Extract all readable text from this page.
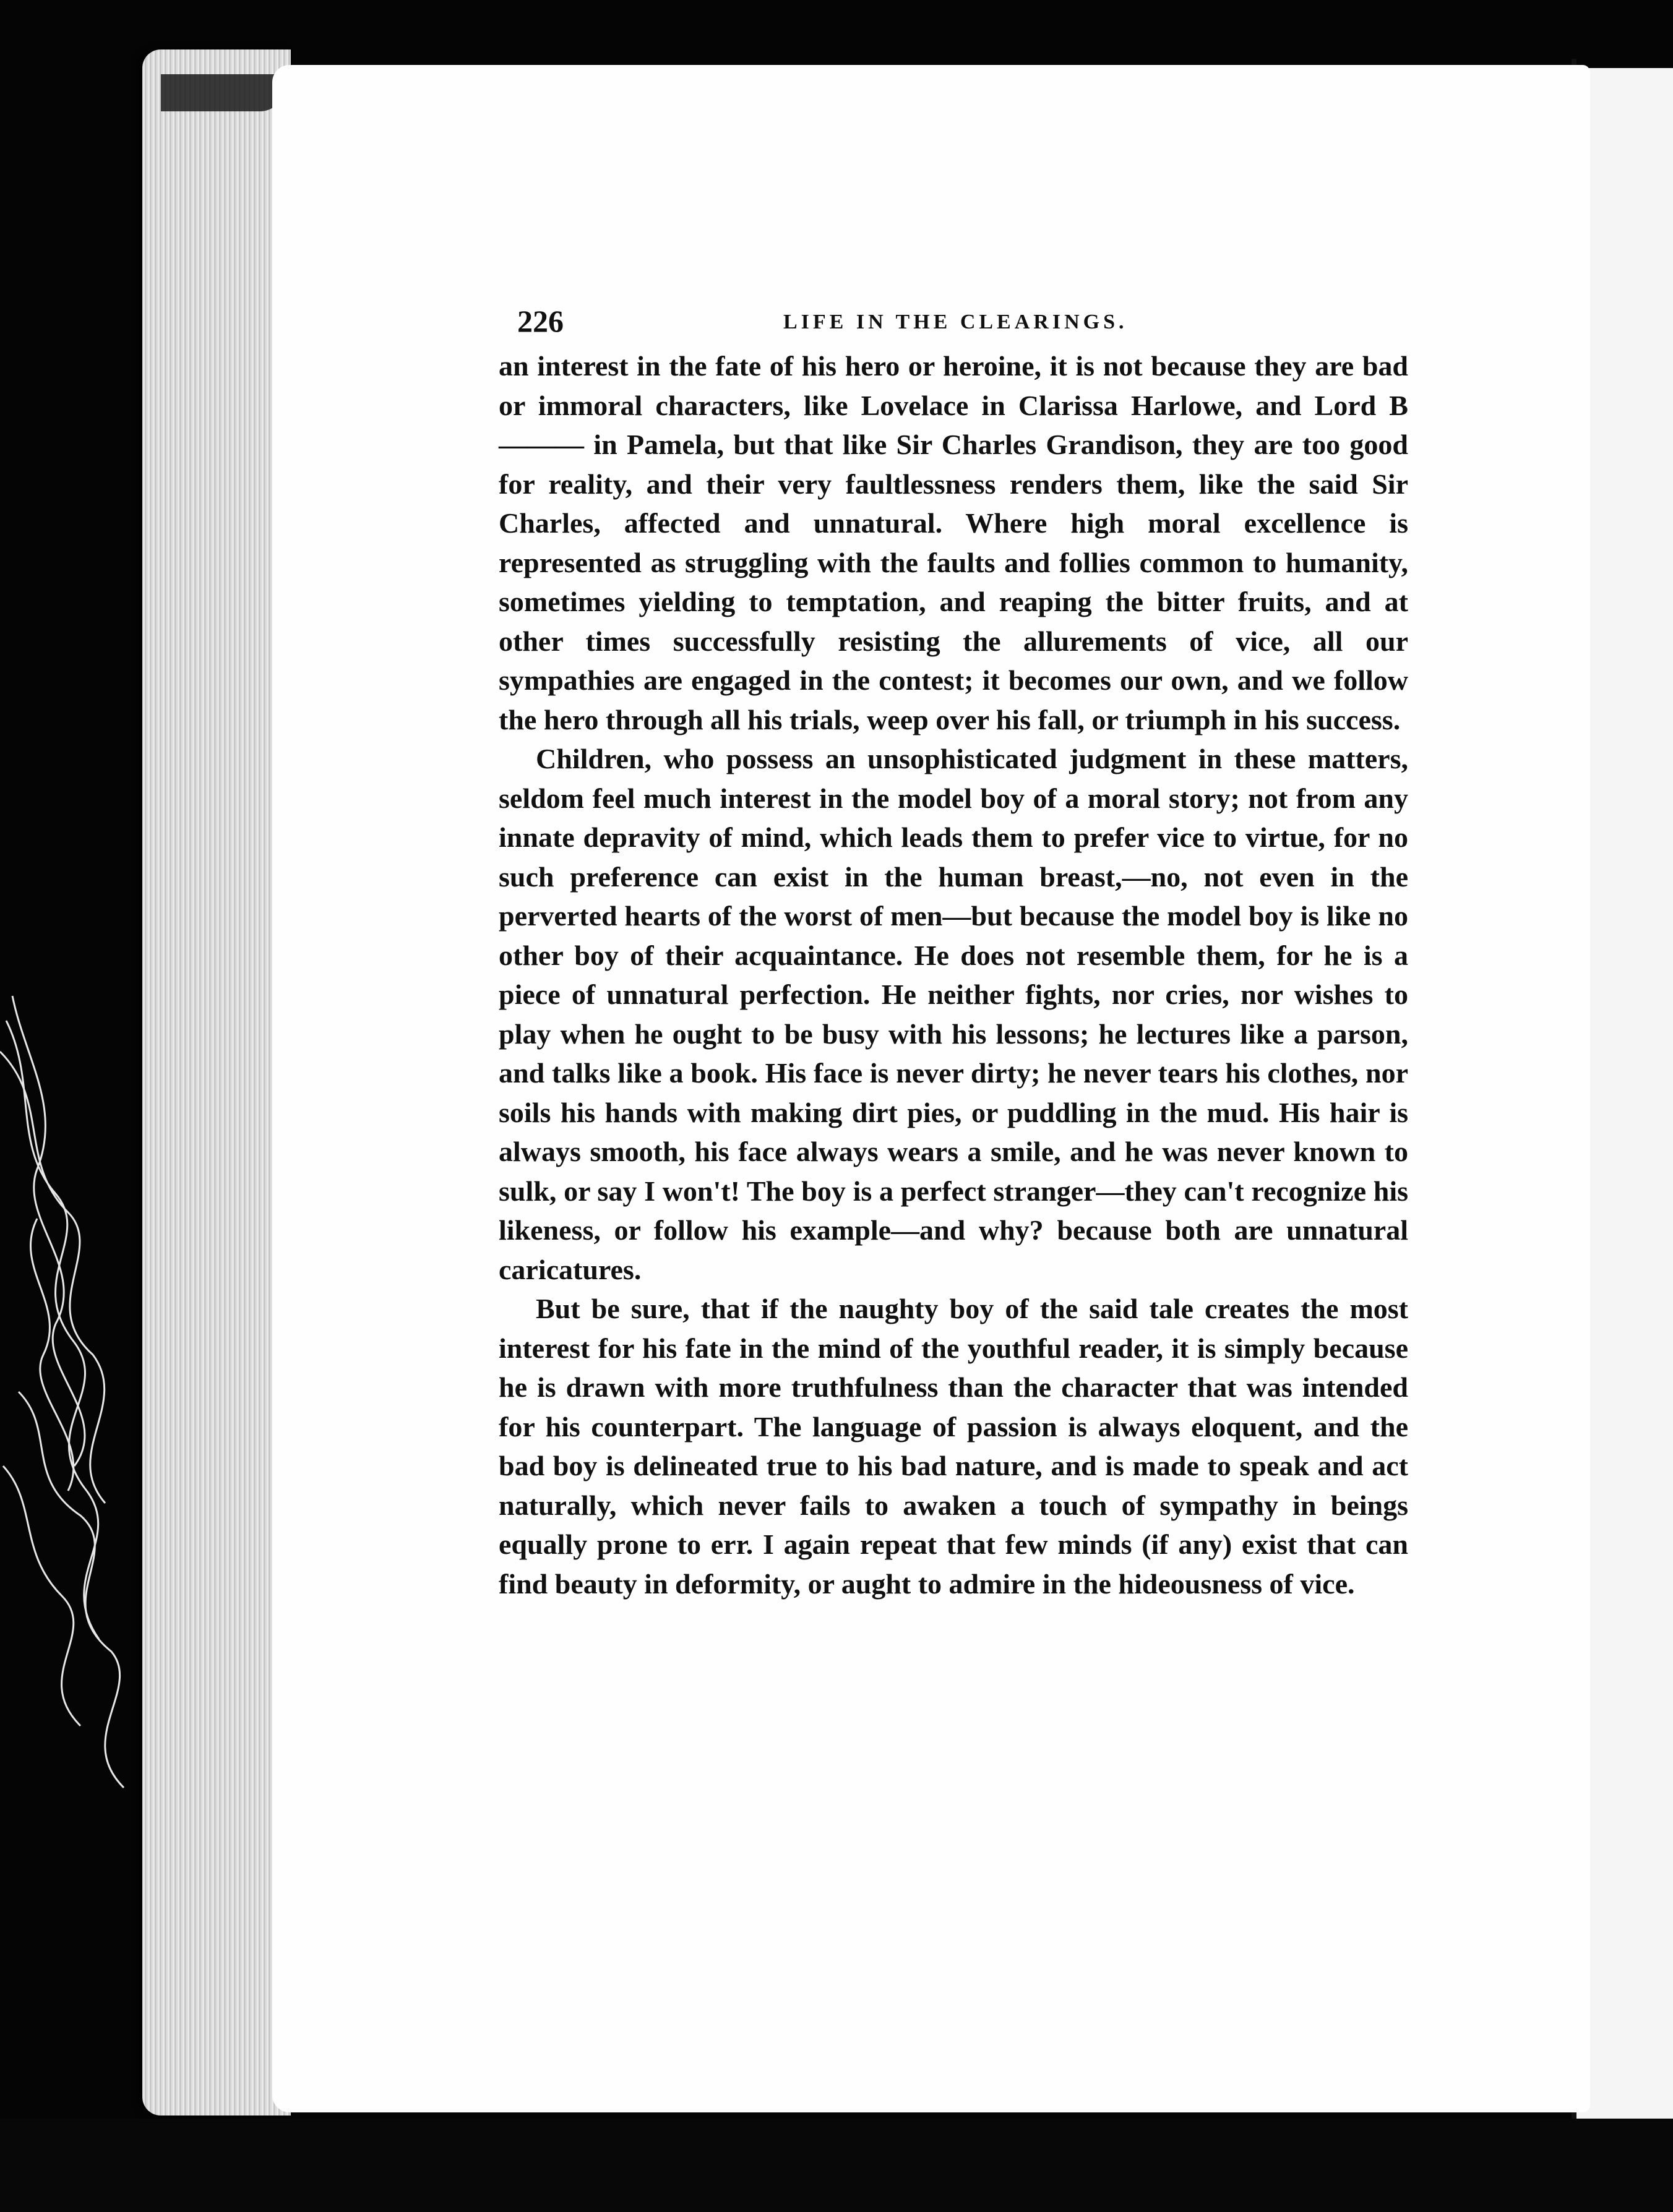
226	LIFE IN THE CLEARINGS.

an interest in the fate of his hero or heroine, it is not because they are bad or immoral characters, like Lovelace in Clarissa Harlowe, and Lord B——— in Pamela, but that like Sir Charles Grandison, they are too good for reality, and their very faultlessness renders them, like the said Sir Charles, affected and unnatural. Where high moral excellence is represented as struggling with the faults and follies common to humanity, sometimes yielding to temptation, and reaping the bitter fruits, and at other times successfully resisting the allurements of vice, all our sympathies are engaged in the contest; it becomes our own, and we follow the hero through all his trials, weep over his fall, or triumph in his success.

Children, who possess an unsophisticated judgment in these matters, seldom feel much interest in the model boy of a moral story; not from any innate depravity of mind, which leads them to prefer vice to virtue, for no such preference can exist in the human breast,—no, not even in the perverted hearts of the worst of men—but because the model boy is like no other boy of their acquaintance. He does not resemble them, for he is a piece of unnatural perfection. He neither fights, nor cries, nor wishes to play when he ought to be busy with his lessons; he lectures like a parson, and talks like a book. His face is never dirty; he never tears his clothes, nor soils his hands with making dirt pies, or puddling in the mud. His hair is always smooth, his face always wears a smile, and he was never known to sulk, or say I won't! The boy is a perfect stranger—they can't recognize his likeness, or follow his example—and why? because both are unnatural caricatures.

But be sure, that if the naughty boy of the said tale creates the most interest for his fate in the mind of the youthful reader, it is simply because he is drawn with more truthfulness than the character that was intended for his counterpart. The language of passion is always eloquent, and the bad boy is delineated true to his bad nature, and is made to speak and act naturally, which never fails to awaken a touch of sympathy in beings equally prone to err. I again repeat that few minds (if any) exist that can find beauty in deformity, or aught to admire in the hideousness of vice.
